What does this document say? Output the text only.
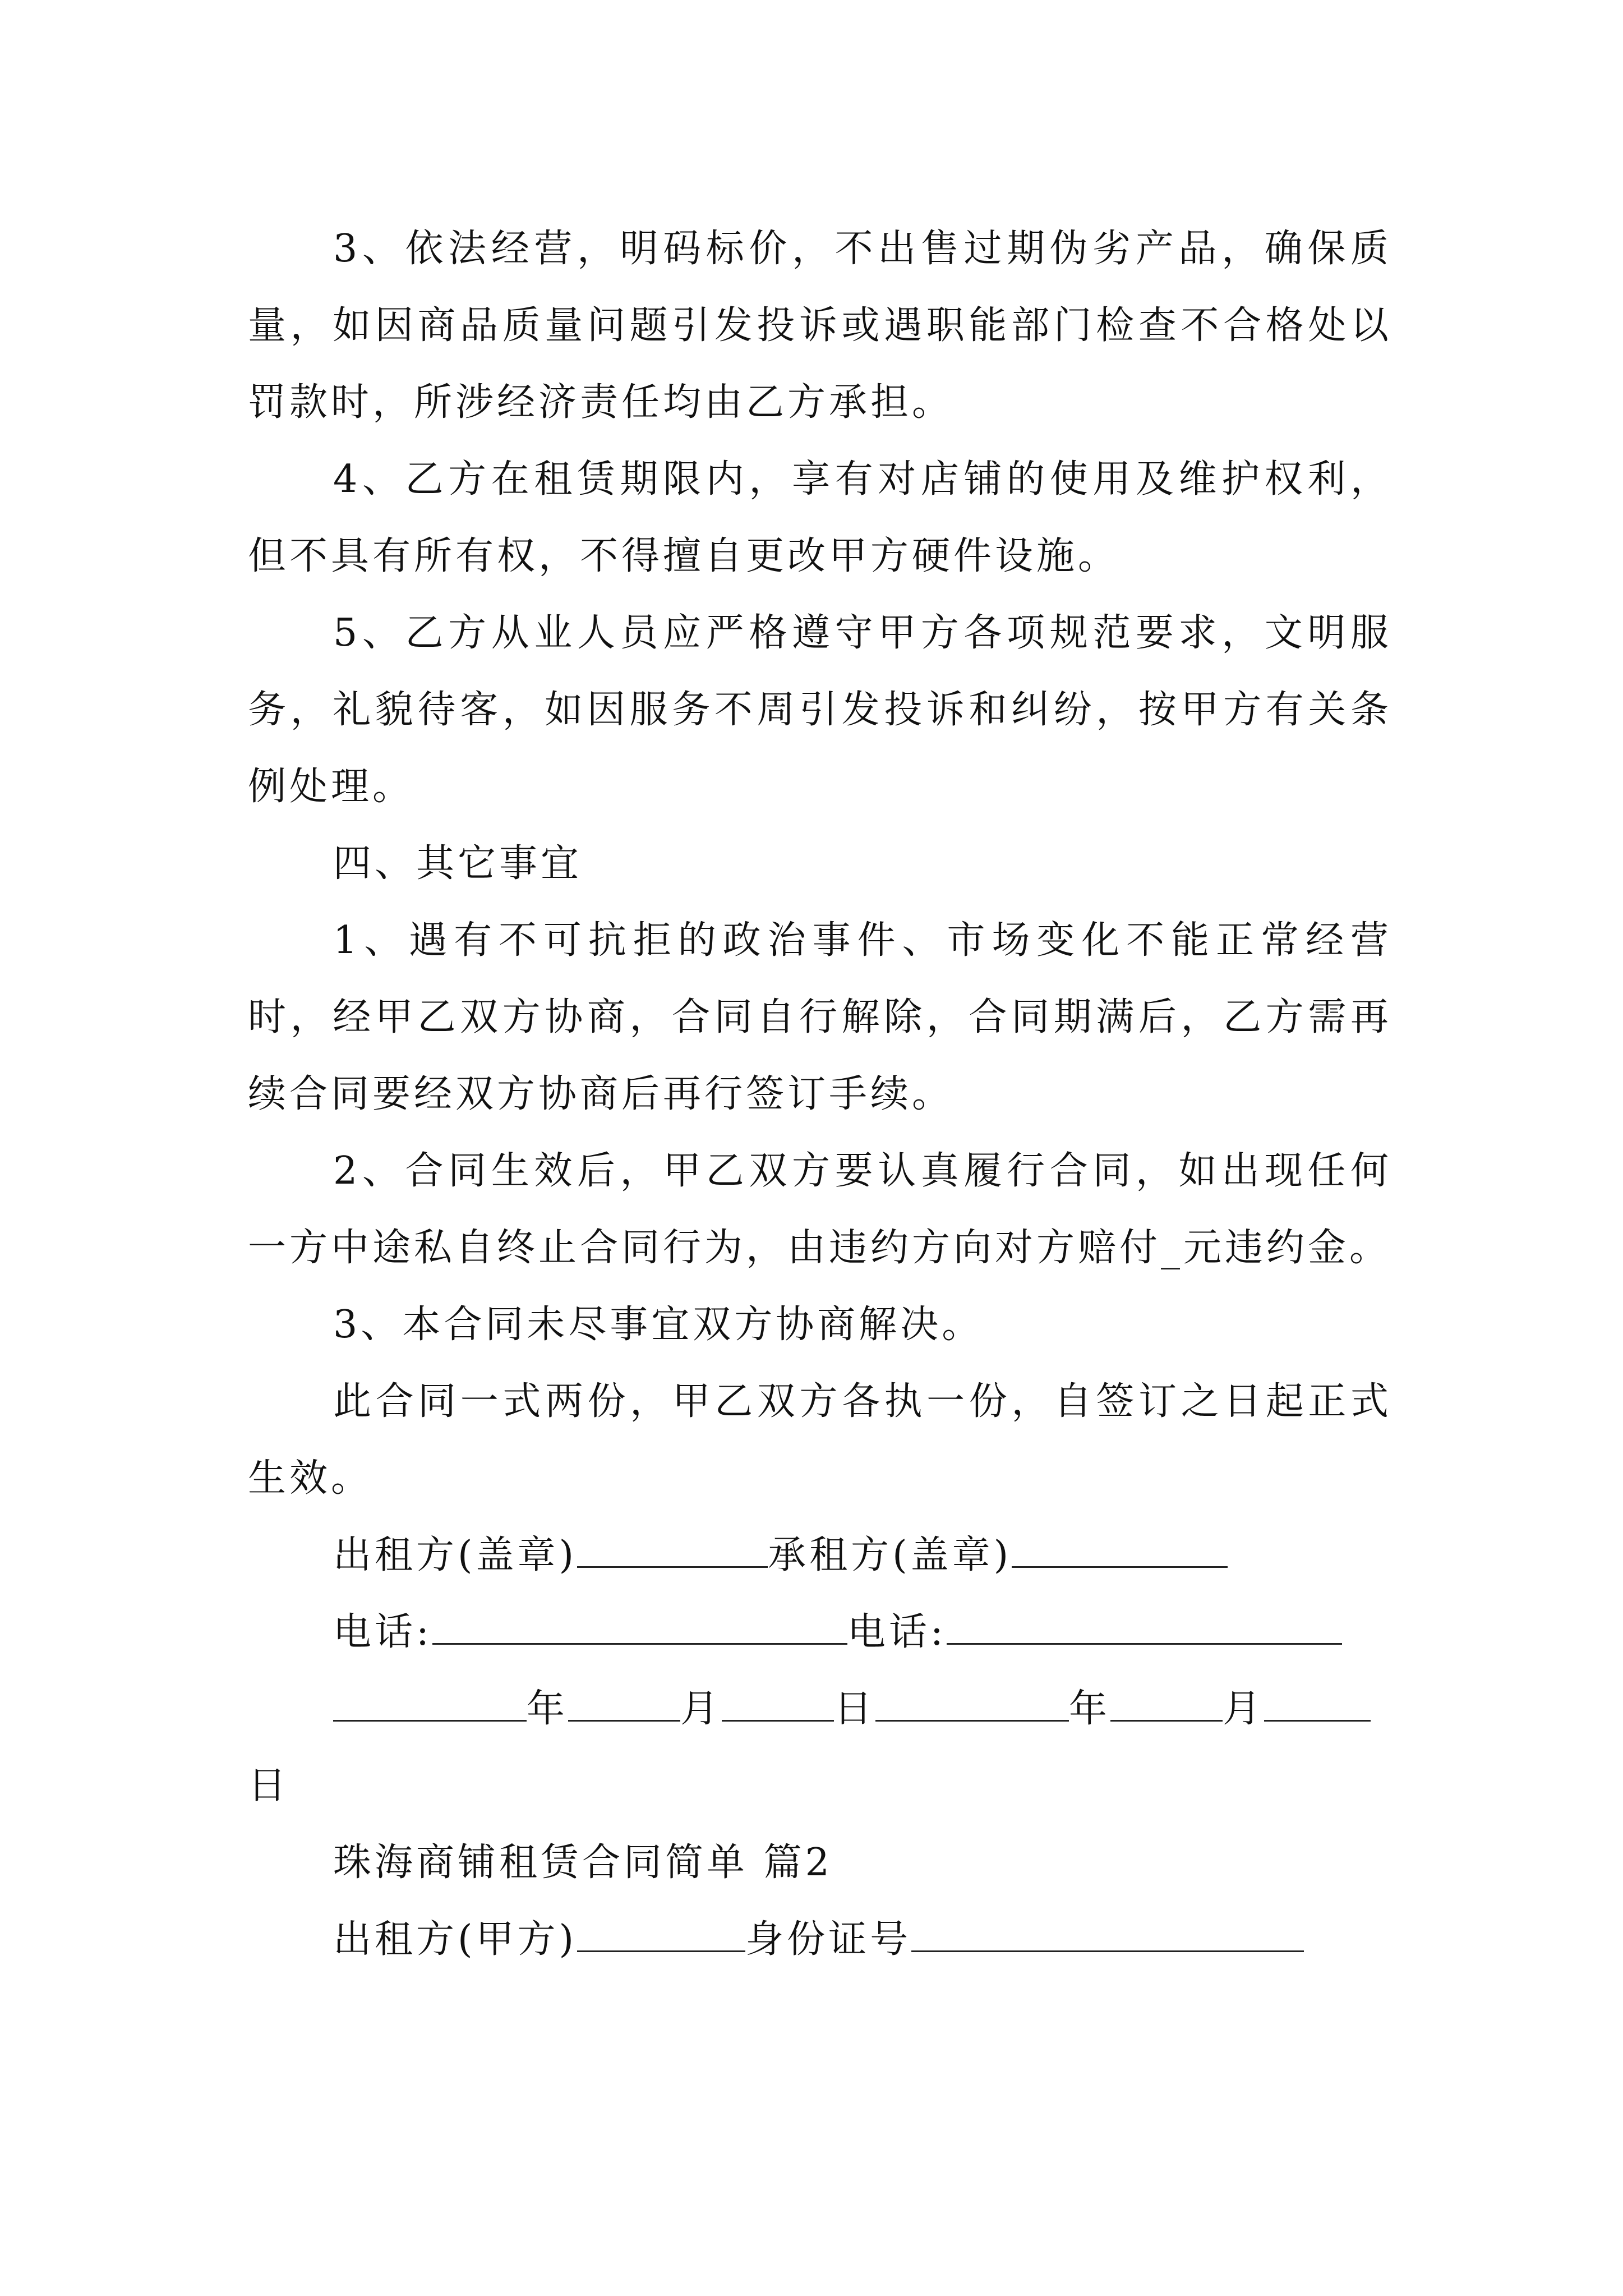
3、依法经营，明码标价，不出售过期伪劣产品，确保质量，如因商品质量问题引发投诉或遇职能部门检查不合格处以罚款时，所涉经济责任均由乙方承担。

4、乙方在租赁期限内，享有对店铺的使用及维护权利，但不具有所有权，不得擅自更改甲方硬件设施。

5、乙方从业人员应严格遵守甲方各项规范要求，文明服务，礼貌待客，如因服务不周引发投诉和纠纷，按甲方有关条例处理。

四、其它事宜

1、遇有不可抗拒的政治事件、市场变化不能正常经营时，经甲乙双方协商，合同自行解除，合同期满后，乙方需再续合同要经双方协商后再行签订手续。

2、合同生效后，甲乙双方要认真履行合同，如出现任何一方中途私自终止合同行为，由违约方向对方赔付_元违约金。

3、本合同未尽事宜双方协商解决。

此合同一式两份，甲乙双方各执一份，自签订之日起正式生效。

出租方(盖章)	承租方(盖章)

电话:	电话:

年	月	日	年	月

日

珠海商铺租赁合同简单 篇2

出租方(甲方)	身份证号
